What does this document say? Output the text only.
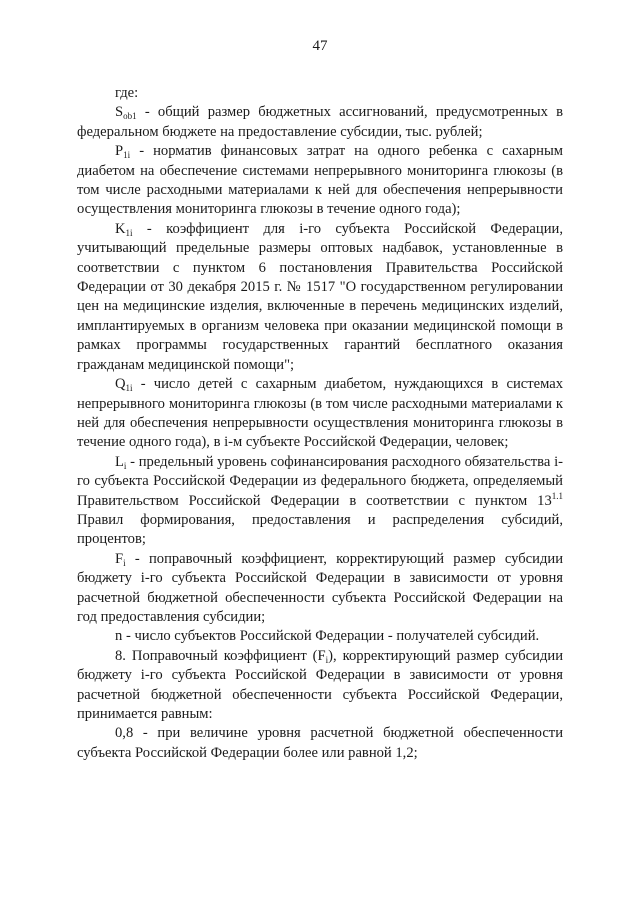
47

где:

$S_{ob1}$ - общий размер бюджетных ассигнований, предусмотренных в федеральном бюджете на предоставление субсидии, тыс. рублей;

$P_{1i}$ - норматив финансовых затрат на одного ребенка с сахарным диабетом на обеспечение системами непрерывного мониторинга глюкозы (в том числе расходными материалами к ней для обеспечения непрерывности осуществления мониторинга глюкозы в течение одного года);

$K_{1i}$ - коэффициент для i-го субъекта Российской Федерации, учитывающий предельные размеры оптовых надбавок, установленные в соответствии с пунктом 6 постановления Правительства Российской Федерации от 30 декабря 2015 г. № 1517 "О государственном регулировании цен на медицинские изделия, включенные в перечень медицинских изделий, имплантируемых в организм человека при оказании медицинской помощи в рамках программы государственных гарантий бесплатного оказания гражданам медицинской помощи";

$Q_{1i}$ - число детей с сахарным диабетом, нуждающихся в системах непрерывного мониторинга глюкозы (в том числе расходными материалами к ней для обеспечения непрерывности осуществления мониторинга глюкозы в течение одного года), в i-м субъекте Российской Федерации, человек;

$L_i$ - предельный уровень софинансирования расходного обязательства i-го субъекта Российской Федерации из федерального бюджета, определяемый Правительством Российской Федерации в соответствии с пунктом $13^{1.1}$ Правил формирования, предоставления и распределения субсидий, процентов;

$F_i$ - поправочный коэффициент, корректирующий размер субсидии бюджету i-го субъекта Российской Федерации в зависимости от уровня расчетной бюджетной обеспеченности субъекта Российской Федерации на год предоставления субсидии;

n - число субъектов Российской Федерации - получателей субсидий.

8. Поправочный коэффициент $(F_i)$, корректирующий размер субсидии бюджету i-го субъекта Российской Федерации в зависимости от уровня расчетной бюджетной обеспеченности субъекта Российской Федерации, принимается равным:

0,8 - при величине уровня расчетной бюджетной обеспеченности субъекта Российской Федерации более или равной 1,2;
